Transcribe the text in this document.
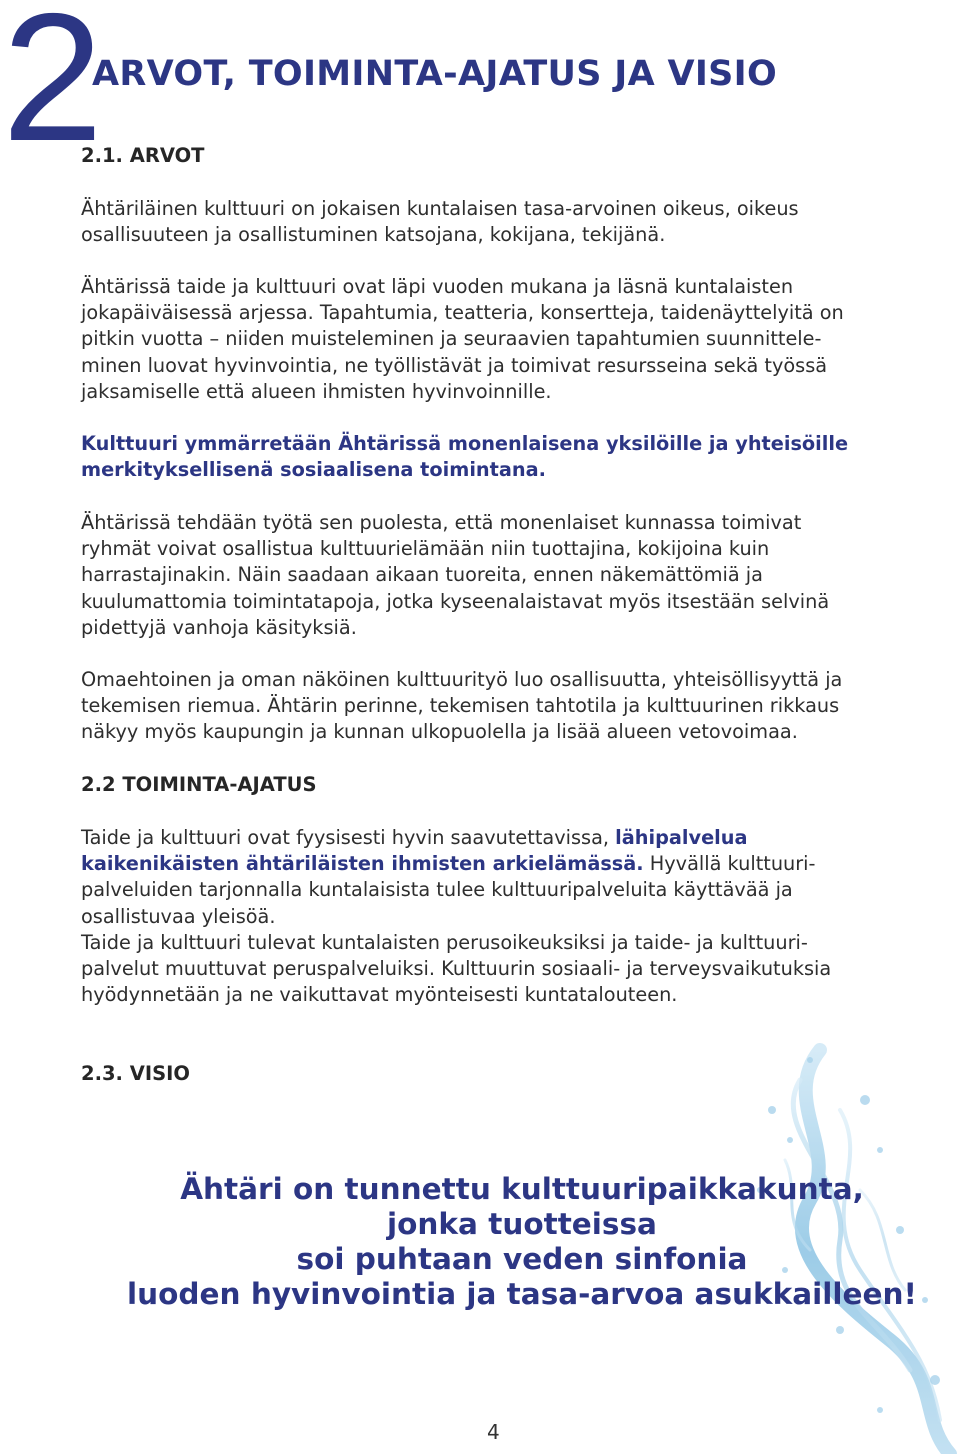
2
ARVOT, TOIMINTA-AJATUS JA VISIO
2.1. ARVOT

Ähtäriläinen kulttuuri on jokaisen kuntalaisen tasa-arvoinen oikeus, oikeus
osallisuuteen ja osallistuminen katsojana, kokijana, tekijänä.

Ähtärissä taide ja kulttuuri ovat läpi vuoden mukana ja läsnä kuntalaisten
jokapäiväisessä arjessa. Tapahtumia, teatteria, konsertteja, taidenäyttelyitä on
pitkin vuotta – niiden muisteleminen ja seuraavien tapahtumien suunnittele-
minen luovat hyvinvointia, ne työllistävät ja toimivat resursseina sekä työssä
jaksamiselle että alueen ihmisten hyvinvoinnille.

Kulttuuri ymmärretään Ähtärissä monenlaisena yksilöille ja yhteisöille
merkityksellisenä sosiaalisena toimintana.

Ähtärissä tehdään työtä sen puolesta, että monenlaiset kunnassa toimivat
ryhmät voivat osallistua kulttuurielämään niin tuottajina, kokijoina kuin
harrastajinakin. Näin saadaan aikaan tuoreita, ennen näkemättömiä ja
kuulumattomia toimintatapoja, jotka kyseenalaistavat myös itsestään selvinä
pidettyjä vanhoja käsityksiä.

Omaehtoinen ja oman näköinen kulttuurityö luo osallisuutta, yhteisöllisyyttä ja
tekemisen riemua. Ähtärin perinne, tekemisen tahtotila ja kulttuurinen rikkaus
näkyy myös kaupungin ja kunnan ulkopuolella ja lisää alueen vetovoimaa.

2.2 TOIMINTA-AJATUS

Taide ja kulttuuri ovat fyysisesti hyvin saavutettavissa, lähipalvelua
kaikenikäisten ähtäriläisten ihmisten arkielämässä. Hyvällä kulttuuri-
palveluiden tarjonnalla kuntalaisista tulee kulttuuripalveluita käyttävää ja
osallistuvaa yleisöä.
Taide ja kulttuuri tulevat kuntalaisten perusoikeuksiksi ja taide- ja kulttuuri-
palvelut muuttuvat peruspalveluiksi. Kulttuurin sosiaali- ja terveysvaikutuksia
hyödynnetään ja ne vaikuttavat myönteisesti kuntatalouteen.

2.3. VISIO

Ähtäri on tunnettu kulttuuripaikkakunta,
jonka tuotteissa
soi puhtaan veden sinfonia
luoden hyvinvointia ja tasa-arvoa asukkailleen!

4
